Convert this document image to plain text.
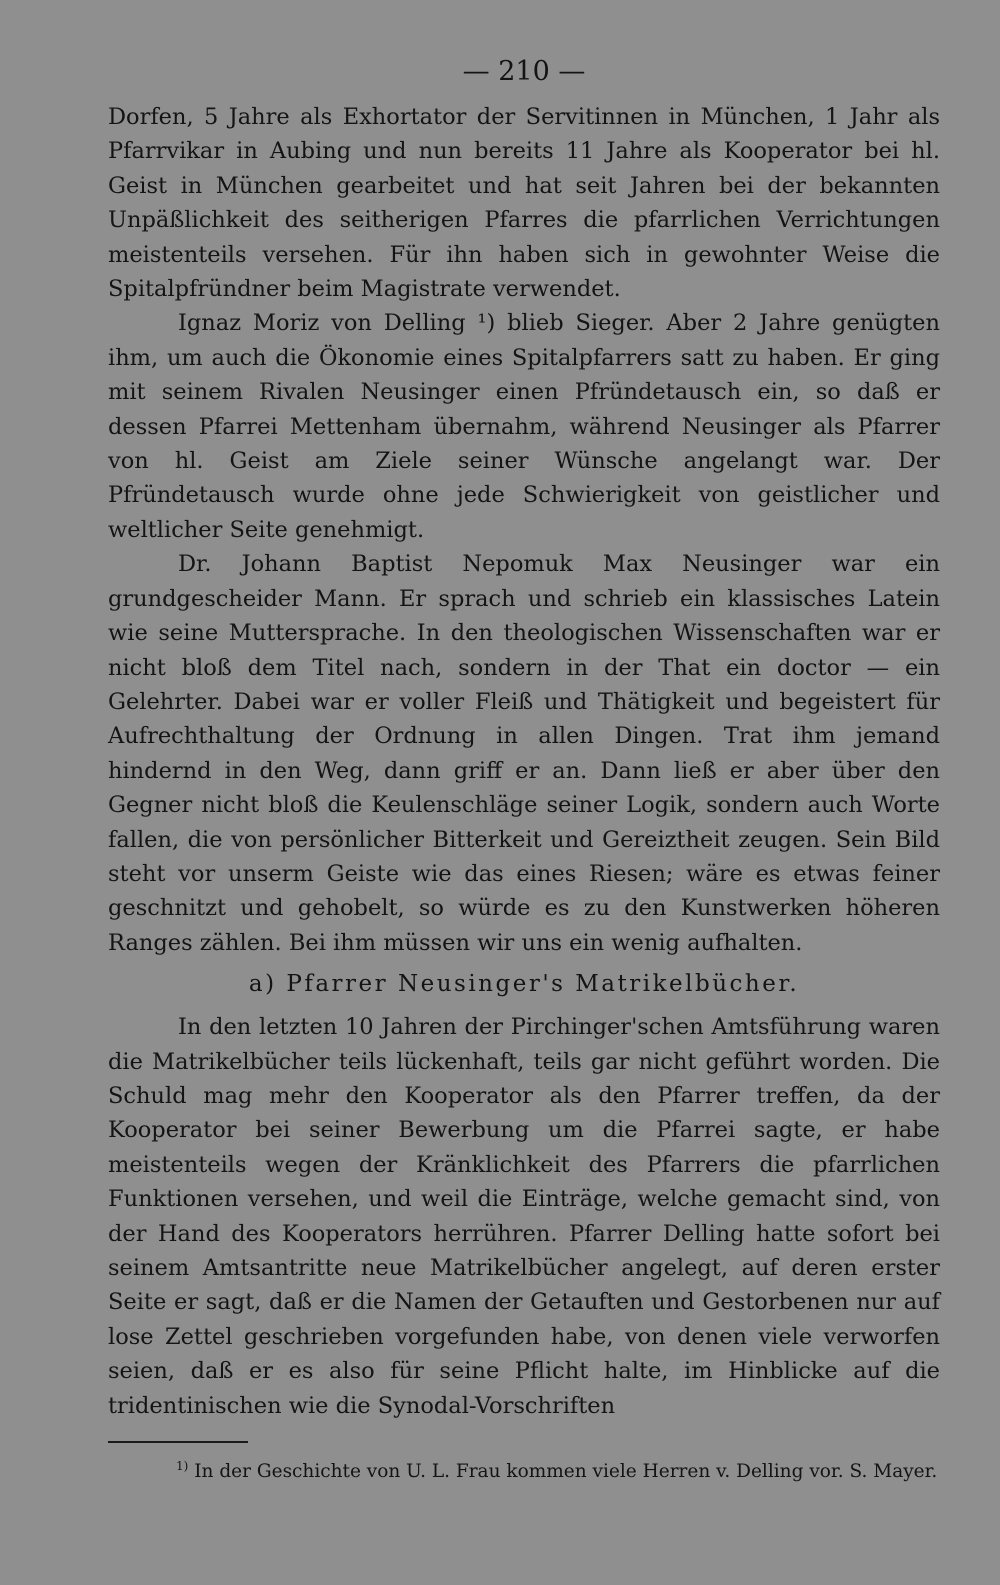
— 210 —

Dorfen, 5 Jahre als Exhortator der Servitinnen in München, 1 Jahr als Pfarrvikar in Aubing und nun bereits 11 Jahre als Kooperator bei hl. Geist in München gearbeitet und hat seit Jahren bei der bekannten Unpäßlichkeit des seitherigen Pfarres die pfarrlichen Verrichtungen meistenteils versehen. Für ihn haben sich in gewohnter Weise die Spitalpfründner beim Magistrate verwendet.

Ignaz Moriz von Delling ¹) blieb Sieger. Aber 2 Jahre genügten ihm, um auch die Ökonomie eines Spitalpfarrers satt zu haben. Er ging mit seinem Rivalen Neusinger einen Pfründetausch ein, so daß er dessen Pfarrei Mettenham übernahm, während Neusinger als Pfarrer von hl. Geist am Ziele seiner Wünsche angelangt war. Der Pfründetausch wurde ohne jede Schwierigkeit von geistlicher und weltlicher Seite genehmigt.

Dr. Johann Baptist Nepomuk Max Neusinger war ein grundgescheider Mann. Er sprach und schrieb ein klassisches Latein wie seine Muttersprache. In den theologischen Wissenschaften war er nicht bloß dem Titel nach, sondern in der That ein doctor — ein Gelehrter. Dabei war er voller Fleiß und Thätigkeit und begeistert für Aufrechthaltung der Ordnung in allen Dingen. Trat ihm jemand hindernd in den Weg, dann griff er an. Dann ließ er aber über den Gegner nicht bloß die Keulenschläge seiner Logik, sondern auch Worte fallen, die von persönlicher Bitterkeit und Gereiztheit zeugen. Sein Bild steht vor unserm Geiste wie das eines Riesen; wäre es etwas feiner geschnitzt und gehobelt, so würde es zu den Kunstwerken höheren Ranges zählen. Bei ihm müssen wir uns ein wenig aufhalten.

a) Pfarrer Neusinger's Matrikelbücher.

In den letzten 10 Jahren der Pirchinger'schen Amtsführung waren die Matrikelbücher teils lückenhaft, teils gar nicht geführt worden. Die Schuld mag mehr den Kooperator als den Pfarrer treffen, da der Kooperator bei seiner Bewerbung um die Pfarrei sagte, er habe meistenteils wegen der Kränklichkeit des Pfarrers die pfarrlichen Funktionen versehen, und weil die Einträge, welche gemacht sind, von der Hand des Kooperators herrühren. Pfarrer Delling hatte sofort bei seinem Amtsantritte neue Matrikelbücher angelegt, auf deren erster Seite er sagt, daß er die Namen der Getauften und Gestorbenen nur auf lose Zettel geschrieben vorgefunden habe, von denen viele verworfen seien, daß er es also für seine Pflicht halte, im Hinblicke auf die tridentinischen wie die Synodal-Vorschriften

$^{1)}$ In der Geschichte von U. L. Frau kommen viele Herren v. Delling vor. S. Mayer.
